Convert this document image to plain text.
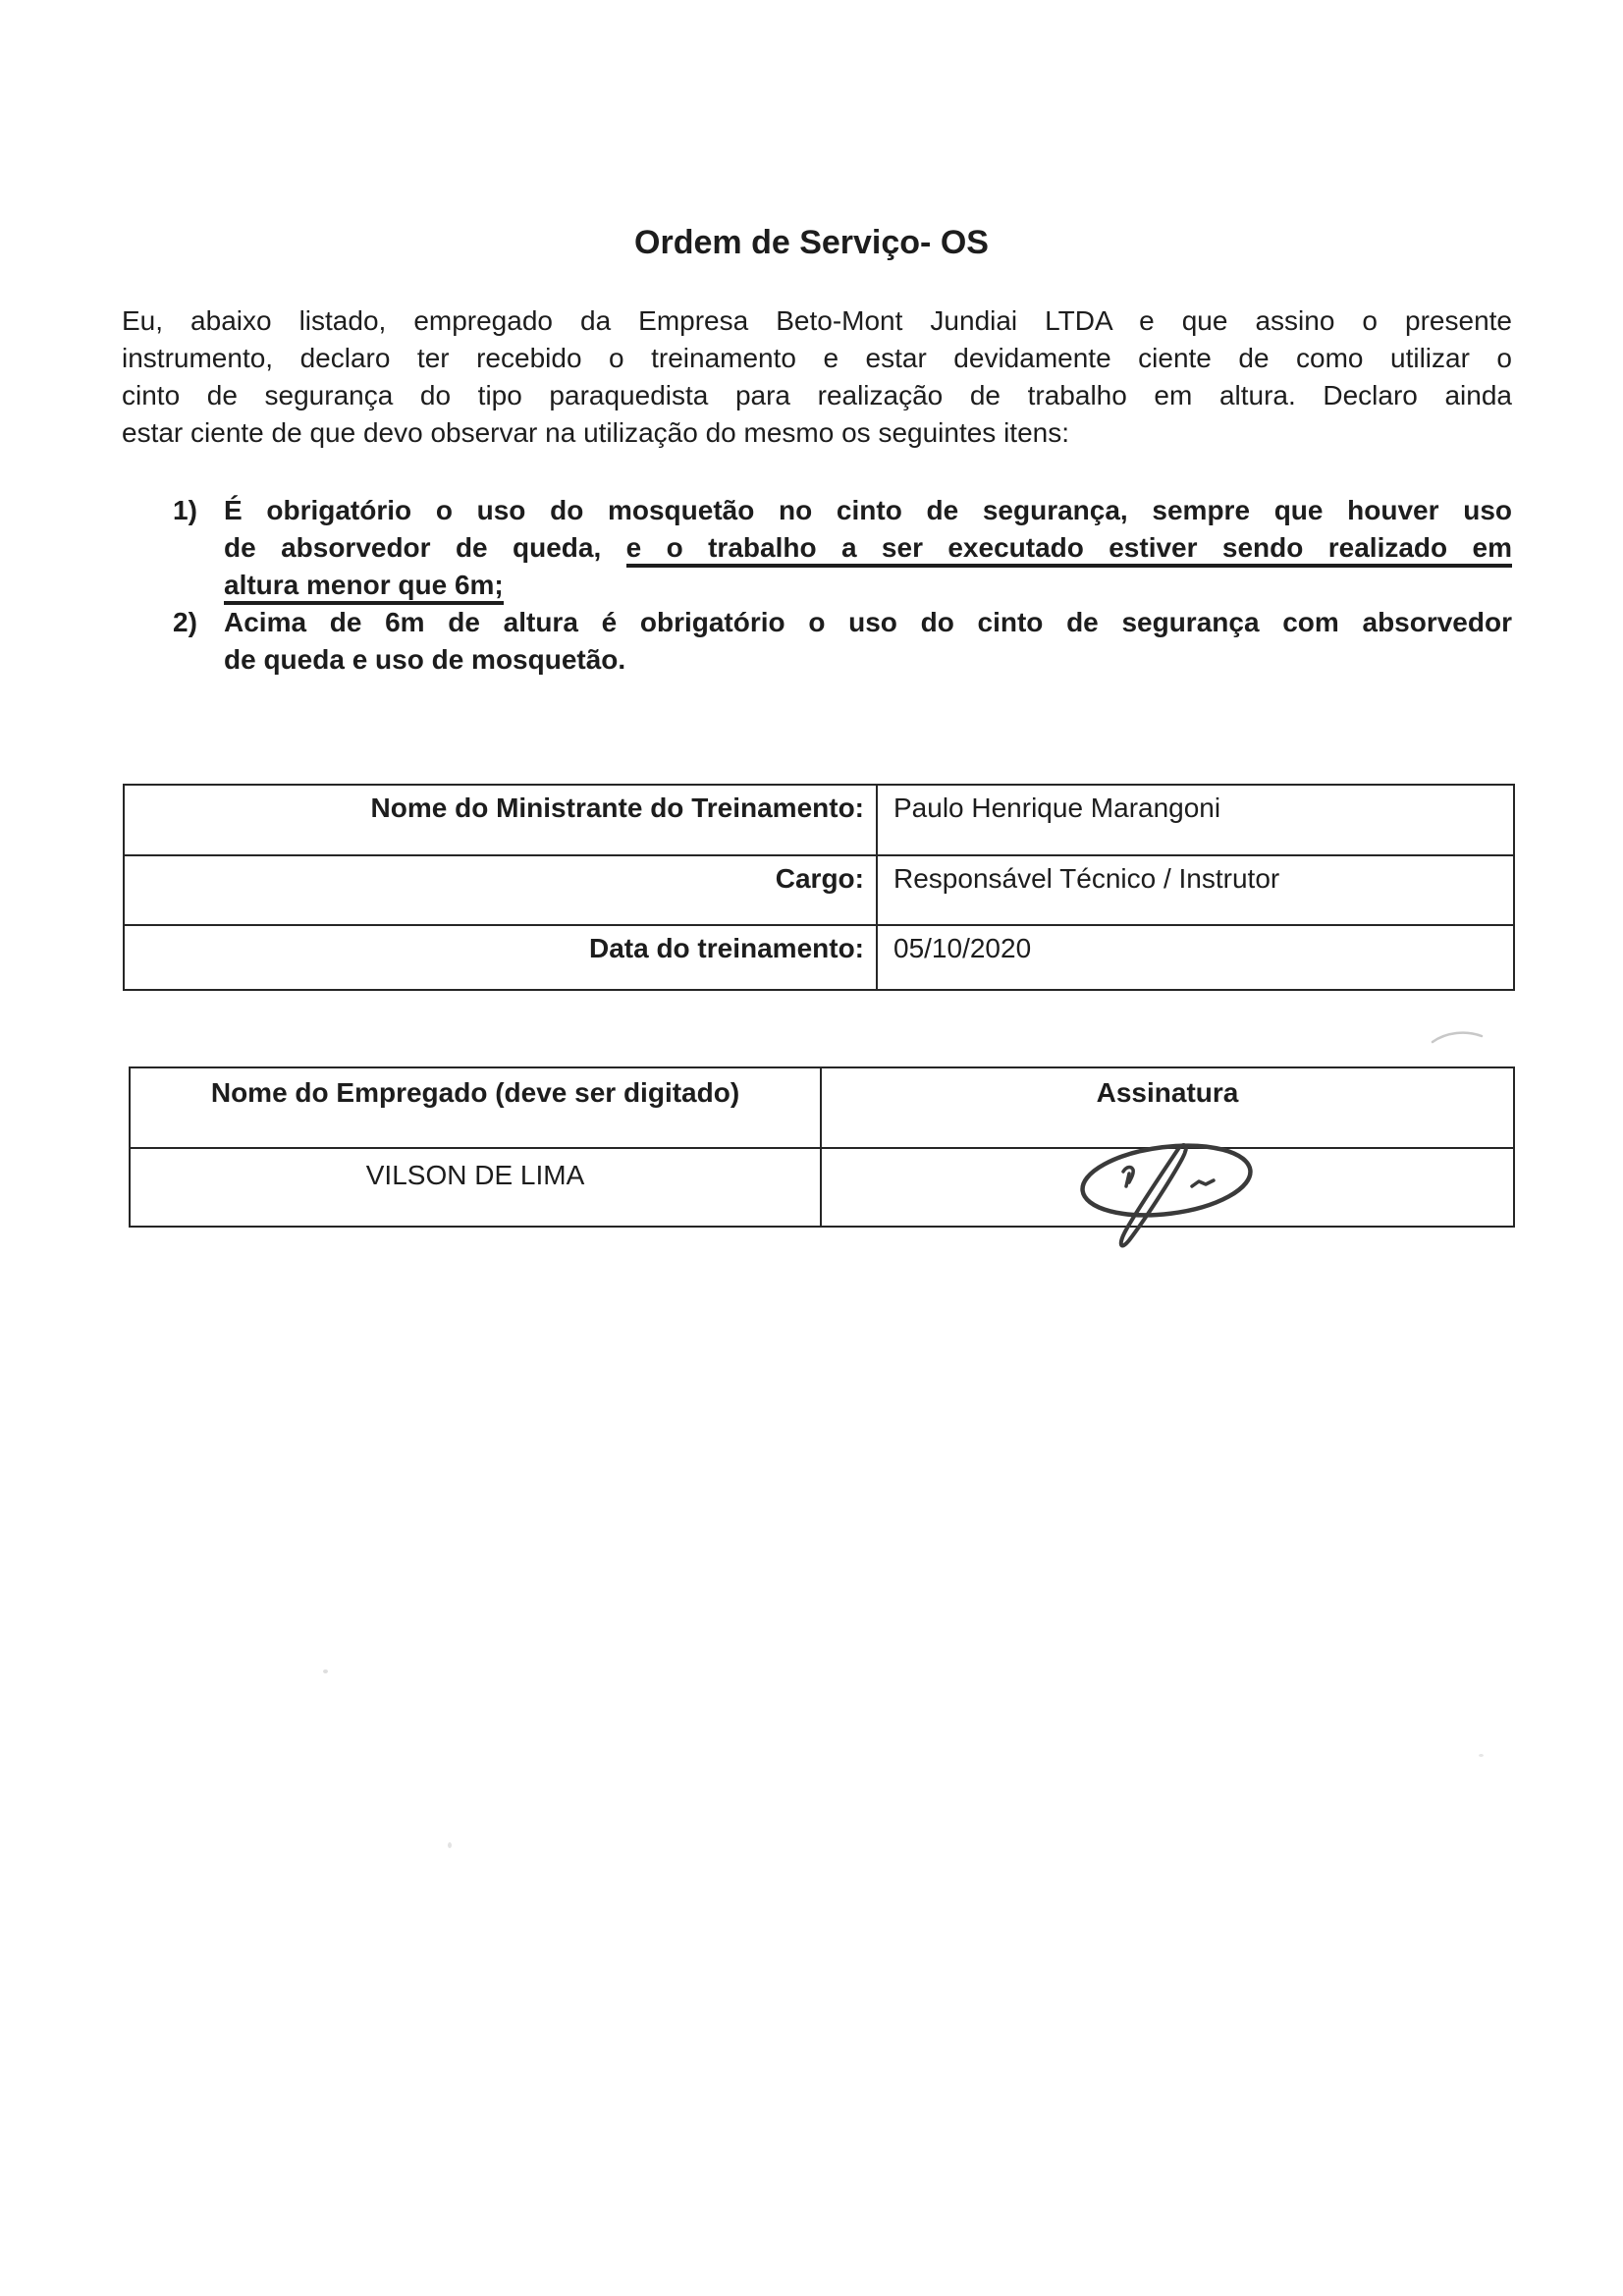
Ordem de Serviço- OS
Eu, abaixo listado, empregado da Empresa Beto-Mont Jundiai LTDA e que assino o presente
instrumento, declaro ter recebido o treinamento e estar devidamente ciente de como utilizar o
cinto de segurança do tipo paraquedista para realização de trabalho em altura. Declaro ainda
estar ciente de que devo observar na utilização do mesmo os seguintes itens:
1) É obrigatório o uso do mosquetão no cinto de segurança, sempre que houver uso
de absorvedor de queda, e o trabalho a ser executado estiver sendo realizado em
altura menor que 6m;
2) Acima de 6m de altura é obrigatório o uso do cinto de segurança com absorvedor
de queda e uso de mosquetão.
Nome do Ministrante do Treinamento:	Paulo Henrique Marangoni
Cargo:	Responsável Técnico / Instrutor
Data do treinamento:	05/10/2020
Nome do Empregado (deve ser digitado)	Assinatura
VILSON DE LIMA
